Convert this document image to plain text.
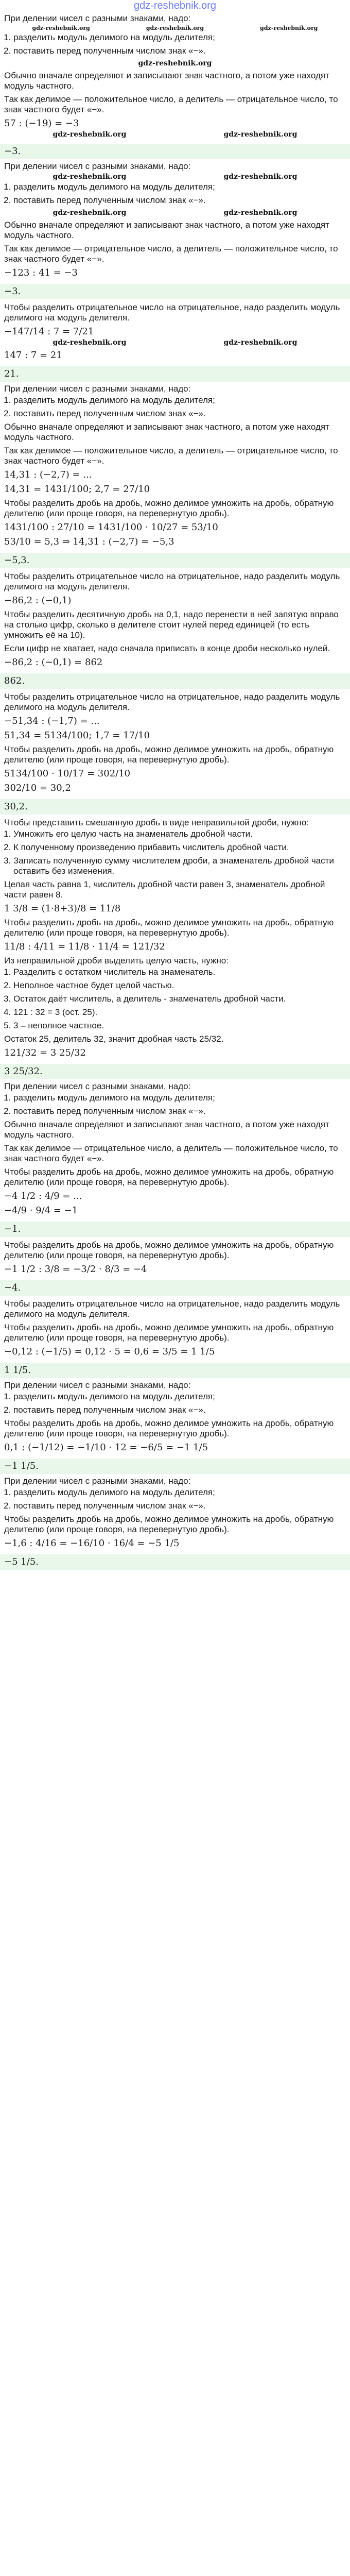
gdz-reshebnik.org
При делении чисел с разными знаками, надо:
gdz-reshebnik.org	gdz-reshebnik.org	gdz-reshebnik.org
1. разделить модуль делимого на модуль делителя;
2. поставить перед полученным числом знак «−».
gdz-reshebnik.org
Обычно вначале определяют и записывают знак частного, а потом уже находят модуль частного.
Так как делимое — положительное число, а делитель — отрицательное число, то знак частного будет «−».
57 : (−19) = −3
gdz-reshebnik.org	gdz-reshebnik.org
−3.
При делении чисел с разными знаками, надо:
gdz-reshebnik.org	gdz-reshebnik.org
1. разделить модуль делимого на модуль делителя;
2. поставить перед полученным числом знак «−».
gdz-reshebnik.org	gdz-reshebnik.org
Обычно вначале определяют и записывают знак частного, а потом уже находят модуль частного.
Так как делимое — отрицательное число, а делитель — положительное число, то знак частного будет «−».
−123 : 41 = −3
−3.
Чтобы разделить отрицательное число на отрицательное, надо разделить модуль делимого на модуль делителя.
−147/14 : 7 = 7/21
gdz-reshebnik.org	gdz-reshebnik.org
147 : 7 = 21
21.
При делении чисел с разными знаками, надо:
1. разделить модуль делимого на модуль делителя;
2. поставить перед полученным числом знак «−».
Обычно вначале определяют и записывают знак частного, а потом уже находят модуль частного.
Так как делимое — положительное число, а делитель — отрицательное число, то знак частного будет «−».
14,31 : (−2,7) = ...
14,31 = 1431/100; 2,7 = 27/10
Чтобы разделить дробь на дробь, можно делимое умножить на дробь, обратную делителю (или проще говоря, на перевернутую дробь).
1431/100 : 27/10 = 1431/100 · 10/27 = 53/10
53/10 = 5,3 ⇒ 14,31 : (−2,7) = −5,3
−5,3.
Чтобы разделить отрицательное число на отрицательное, надо разделить модуль делимого на модуль делителя.
−86,2 : (−0,1)
Чтобы разделить десятичную дробь на 0,1, надо перенести в ней запятую вправо на столько цифр, сколько в делителе стоит нулей перед единицей (то есть умножить её на 10).
Если цифр не хватает, надо сначала приписать в конце дроби несколько нулей.
−86,2 : (−0,1) = 862
862.
Чтобы разделить отрицательное число на отрицательное, надо разделить модуль делимого на модуль делителя.
−51,34 : (−1,7) = ...
51,34 = 5134/100; 1,7 = 17/10
Чтобы разделить дробь на дробь, можно делимое умножить на дробь, обратную делителю (или проще говоря, на перевернутую дробь).
5134/100 · 10/17 = 302/10
302/10 = 30,2
30,2.
Чтобы представить смешанную дробь в виде неправильной дроби, нужно:
1. Умножить его целую часть на знаменатель дробной части.
2. К полученному произведению прибавить числитель дробной части.
3. Записать полученную сумму числителем дроби, а знаменатель дробной части оставить без изменения.
Целая часть равна 1, числитель дробной части равен 3, знаменатель дробной части равен 8.
1 3/8 = (1·8+3)/8 = 11/8
Чтобы разделить дробь на дробь, можно делимое умножить на дробь, обратную делителю (или проще говоря, на перевернутую дробь).
11/8 : 4/11 = 11/8 · 11/4 = 121/32
Из неправильной дроби выделить целую часть, нужно:
1. Разделить с остатком числитель на знаменатель.
2. Неполное частное будет целой частью.
3. Остаток даёт числитель, а делитель - знаменатель дробной части.
4. 121 : 32 = 3 (ост. 25).
5. 3 – неполное частное.
Остаток 25, делитель 32, значит дробная часть 25/32.
121/32 = 3 25/32
3 25/32.
При делении чисел с разными знаками, надо:
1. разделить модуль делимого на модуль делителя;
2. поставить перед полученным числом знак «−».
Обычно вначале определяют и записывают знак частного, а потом уже находят модуль частного.
Так как делимое — отрицательное число, а делитель — положительное число, то знак частного будет «−».
Чтобы разделить дробь на дробь, можно делимое умножить на дробь, обратную делителю (или проще говоря, на перевернутую дробь).
−4 1/2 : 4/9 = ...
−4/9 · 9/4 = −1
−1.
Чтобы разделить дробь на дробь, можно делимое умножить на дробь, обратную делителю (или проще говоря, на перевернутую дробь).
−1 1/2 : 3/8 = −3/2 · 8/3 = −4
−4.
Чтобы разделить отрицательное число на отрицательное, надо разделить модуль делимого на модуль делителя.
Чтобы разделить дробь на дробь, можно делимое умножить на дробь, обратную делителю (или проще говоря, на перевернутую дробь).
−0,12 : (−1/5) = 0,12 · 5 = 0,6 = 3/5 = 1 1/5
1 1/5.
При делении чисел с разными знаками, надо:
1. разделить модуль делимого на модуль делителя;
2. поставить перед полученным числом знак «−».
Чтобы разделить дробь на дробь, можно делимое умножить на дробь, обратную делителю (или проще говоря, на перевернутую дробь).
0,1 : (−1/12) = −1/10 · 12 = −6/5 = −1 1/5
−1 1/5.
При делении чисел с разными знаками, надо:
1. разделить модуль делимого на модуль делителя;
2. поставить перед полученным числом знак «−».
Чтобы разделить дробь на дробь, можно делимое умножить на дробь, обратную делителю (или проще говоря, на перевернутую дробь).
−1,6 : 4/16 = −16/10 · 16/4 = −5 1/5
−5 1/5.
